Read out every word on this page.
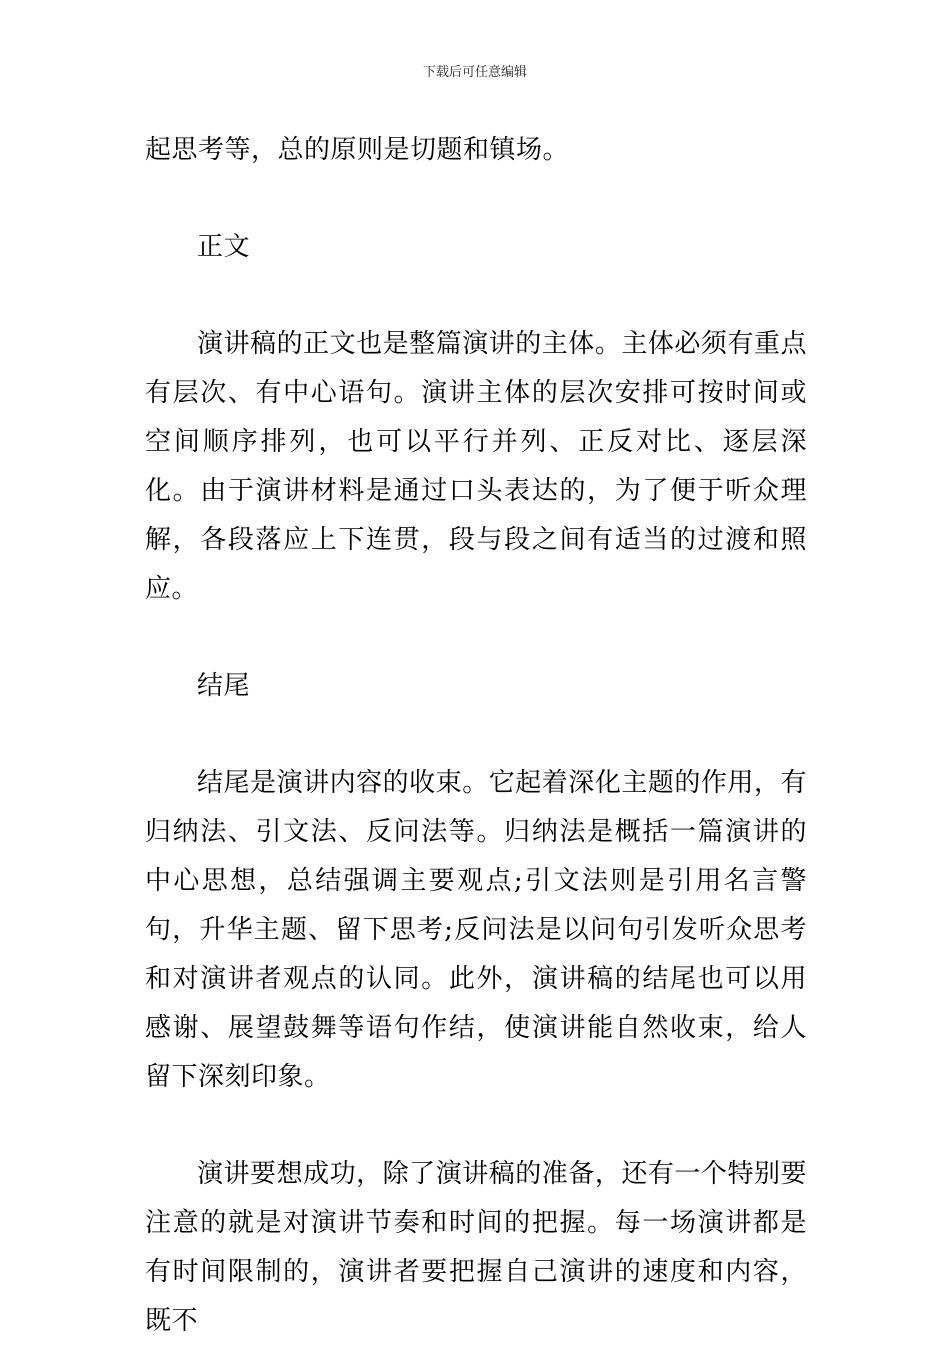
下载后可任意编辑

起思考等，总的原则是切题和镇场。

正文

演讲稿的正文也是整篇演讲的主体。主体必须有重点有层次、有中心语句。演讲主体的层次安排可按时间或空间顺序排列，也可以平行并列、正反对比、逐层深化。由于演讲材料是通过口头表达的，为了便于听众理解，各段落应上下连贯，段与段之间有适当的过渡和照应。

结尾

结尾是演讲内容的收束。它起着深化主题的作用，有归纳法、引文法、反问法等。归纳法是概括一篇演讲的中心思想，总结强调主要观点;引文法则是引用名言警句，升华主题、留下思考;反问法是以问句引发听众思考和对演讲者观点的认同。此外，演讲稿的结尾也可以用感谢、展望鼓舞等语句作结，使演讲能自然收束，给人留下深刻印象。

演讲要想成功，除了演讲稿的准备，还有一个特别要注意的就是对演讲节奏和时间的把握。每一场演讲都是有时间限制的，演讲者要把握自己演讲的速度和内容，既不
